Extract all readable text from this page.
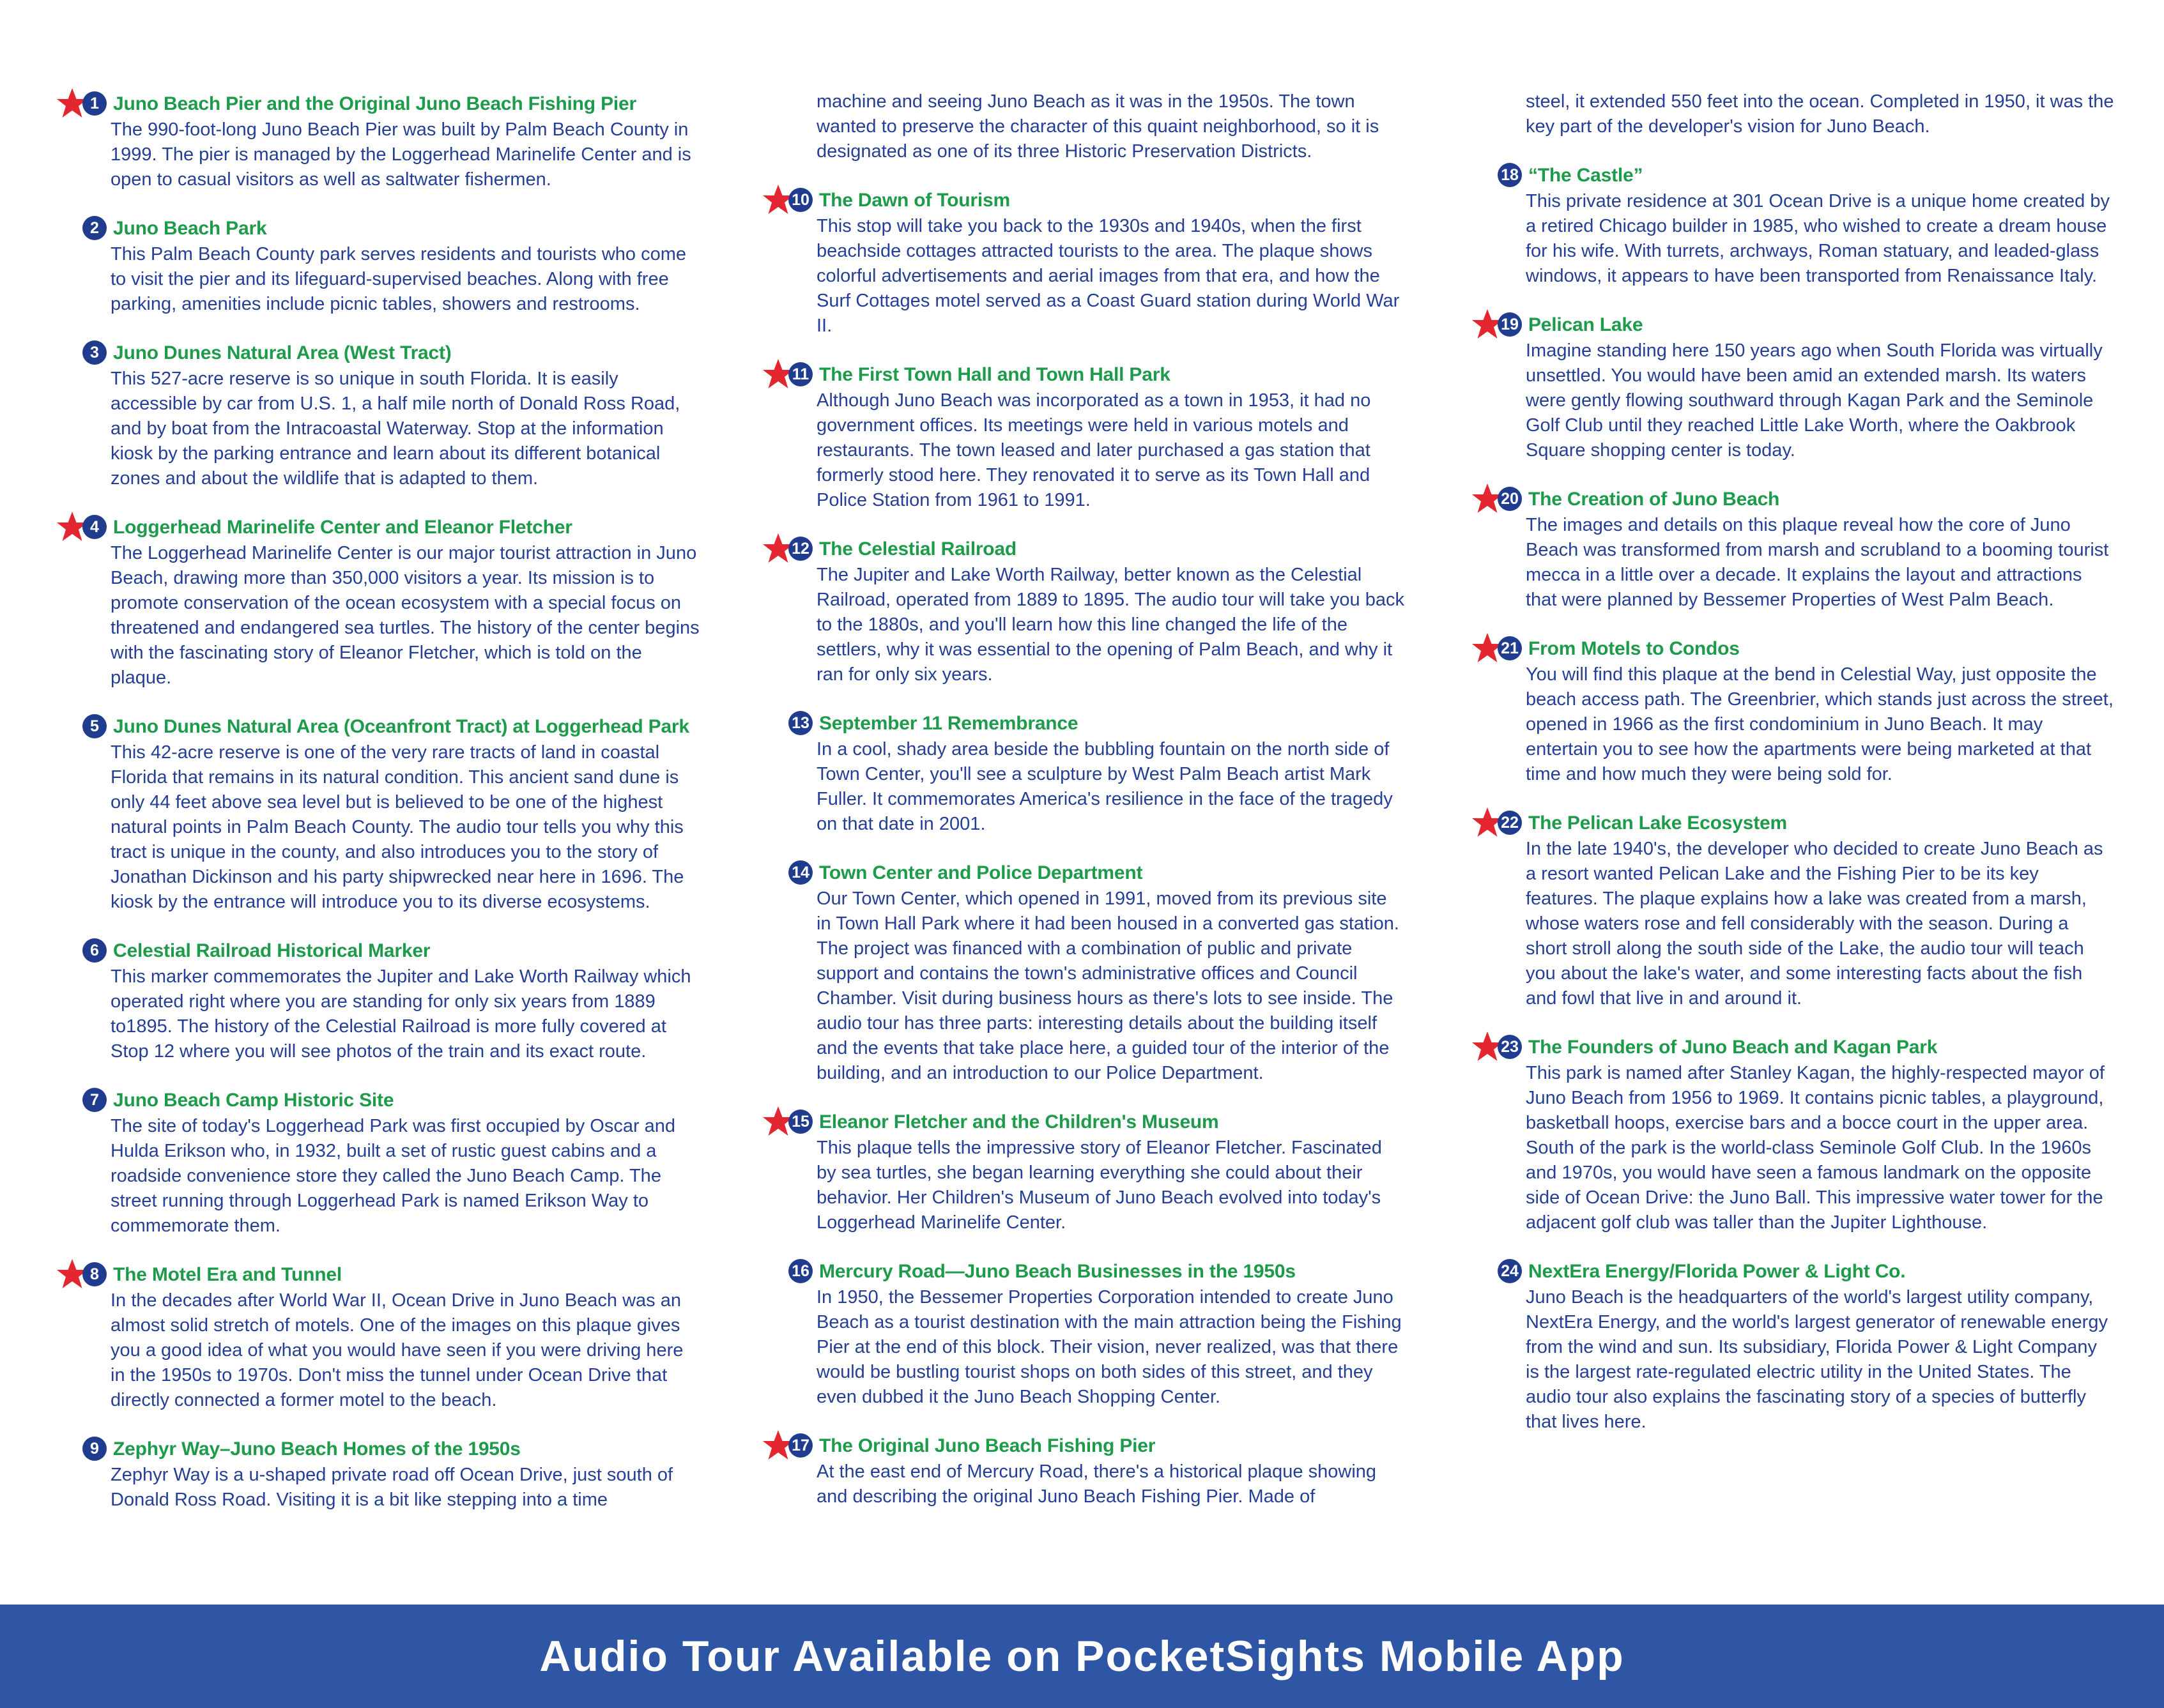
1 Juno Beach Pier and the Original Juno Beach Fishing Pier

The 990-foot-long Juno Beach Pier was built by Palm Beach County in 1999. The pier is managed by the Loggerhead Marinelife Center and is open to casual visitors as well as saltwater fishermen.

2 Juno Beach Park

This Palm Beach County park serves residents and tourists who come to visit the pier and its lifeguard-supervised beaches. Along with free parking, amenities include picnic tables, showers and restrooms.

3 Juno Dunes Natural Area (West Tract)

This 527-acre reserve is so unique in south Florida. It is easily accessible by car from U.S. 1, a half mile north of Donald Ross Road, and by boat from the Intracoastal Waterway. Stop at the information kiosk by the parking entrance and learn about its different botanical zones and about the wildlife that is adapted to them.

4 Loggerhead Marinelife Center and Eleanor Fletcher

The Loggerhead Marinelife Center is our major tourist attraction in Juno Beach, drawing more than 350,000 visitors a year. Its mission is to promote conservation of the ocean ecosystem with a special focus on threatened and endangered sea turtles. The history of the center begins with the fascinating story of Eleanor Fletcher, which is told on the plaque.

5 Juno Dunes Natural Area (Oceanfront Tract) at Loggerhead Park

This 42-acre reserve is one of the very rare tracts of land in coastal Florida that remains in its natural condition. This ancient sand dune is only 44 feet above sea level but is believed to be one of the highest natural points in Palm Beach County. The audio tour tells you why this tract is unique in the county, and also introduces you to the story of Jonathan Dickinson and his party shipwrecked near here in 1696. The kiosk by the entrance will introduce you to its diverse ecosystems.

6 Celestial Railroad Historical Marker

This marker commemorates the Jupiter and Lake Worth Railway which operated right where you are standing for only six years from 1889 to1895. The history of the Celestial Railroad is more fully covered at Stop 12 where you will see photos of the train and its exact route.

7 Juno Beach Camp Historic Site

The site of today's Loggerhead Park was first occupied by Oscar and Hulda Erikson who, in 1932, built a set of rustic guest cabins and a roadside convenience store they called the Juno Beach Camp. The street running through Loggerhead Park is named Erikson Way to commemorate them.

8 The Motel Era and Tunnel

In the decades after World War II, Ocean Drive in Juno Beach was an almost solid stretch of motels. One of the images on this plaque gives you a good idea of what you would have seen if you were driving here in the 1950s to 1970s. Don't miss the tunnel under Ocean Drive that directly connected a former motel to the beach.

9 Zephyr Way–Juno Beach Homes of the 1950s

Zephyr Way is a u-shaped private road off Ocean Drive, just south of Donald Ross Road. Visiting it is a bit like stepping into a time

machine and seeing Juno Beach as it was in the 1950s. The town wanted to preserve the character of this quaint neighborhood, so it is designated as one of its three Historic Preservation Districts.

10 The Dawn of Tourism

This stop will take you back to the 1930s and 1940s, when the first beachside cottages attracted tourists to the area. The plaque shows colorful advertisements and aerial images from that era, and how the Surf Cottages motel served as a Coast Guard station during World War II.

11 The First Town Hall and Town Hall Park

Although Juno Beach was incorporated as a town in 1953, it had no government offices. Its meetings were held in various motels and restaurants. The town leased and later purchased a gas station that formerly stood here. They renovated it to serve as its Town Hall and Police Station from 1961 to 1991.

12 The Celestial Railroad

The Jupiter and Lake Worth Railway, better known as the Celestial Railroad, operated from 1889 to 1895. The audio tour will take you back to the 1880s, and you'll learn how this line changed the life of the settlers, why it was essential to the opening of Palm Beach, and why it ran for only six years.

13 September 11 Remembrance

In a cool, shady area beside the bubbling fountain on the north side of Town Center, you'll see a sculpture by West Palm Beach artist Mark Fuller. It commemorates America's resilience in the face of the tragedy on that date in 2001.

14 Town Center and Police Department

Our Town Center, which opened in 1991, moved from its previous site in Town Hall Park where it had been housed in a converted gas station. The project was financed with a combination of public and private support and contains the town's administrative offices and Council Chamber. Visit during business hours as there's lots to see inside. The audio tour has three parts: interesting details about the building itself and the events that take place here, a guided tour of the interior of the building, and an introduction to our Police Department.

15 Eleanor Fletcher and the Children's Museum

This plaque tells the impressive story of Eleanor Fletcher. Fascinated by sea turtles, she began learning everything she could about their behavior. Her Children's Museum of Juno Beach evolved into today's Loggerhead Marinelife Center.

16 Mercury Road—Juno Beach Businesses in the 1950s

In 1950, the Bessemer Properties Corporation intended to create Juno Beach as a tourist destination with the main attraction being the Fishing Pier at the end of this block. Their vision, never realized, was that there would be bustling tourist shops on both sides of this street, and they even dubbed it the Juno Beach Shopping Center.

17 The Original Juno Beach Fishing Pier

At the east end of Mercury Road, there's a historical plaque showing and describing the original Juno Beach Fishing Pier. Made of

steel, it extended 550 feet into the ocean. Completed in 1950, it was the key part of the developer's vision for Juno Beach.

18 “The Castle”

This private residence at 301 Ocean Drive is a unique home created by a retired Chicago builder in 1985, who wished to create a dream house for his wife. With turrets, archways, Roman statuary, and leaded-glass windows, it appears to have been transported from Renaissance Italy.

19 Pelican Lake

Imagine standing here 150 years ago when South Florida was virtually unsettled. You would have been amid an extended marsh. Its waters were gently flowing southward through Kagan Park and the Seminole Golf Club until they reached Little Lake Worth, where the Oakbrook Square shopping center is today.

20 The Creation of Juno Beach

The images and details on this plaque reveal how the core of Juno Beach was transformed from marsh and scrubland to a booming tourist mecca in a little over a decade. It explains the layout and attractions that were planned by Bessemer Properties of West Palm Beach.

21 From Motels to Condos

You will find this plaque at the bend in Celestial Way, just opposite the beach access path. The Greenbrier, which stands just across the street, opened in 1966 as the first condominium in Juno Beach. It may entertain you to see how the apartments were being marketed at that time and how much they were being sold for.

22 The Pelican Lake Ecosystem

In the late 1940's, the developer who decided to create Juno Beach as a resort wanted Pelican Lake and the Fishing Pier to be its key features. The plaque explains how a lake was created from a marsh, whose waters rose and fell considerably with the season. During a short stroll along the south side of the Lake, the audio tour will teach you about the lake's water, and some interesting facts about the fish and fowl that live in and around it.

23 The Founders of Juno Beach and Kagan Park

This park is named after Stanley Kagan, the highly-respected mayor of Juno Beach from 1956 to 1969. It contains picnic tables, a playground, basketball hoops, exercise bars and a bocce court in the upper area.

South of the park is the world-class Seminole Golf Club. In the 1960s and 1970s, you would have seen a famous landmark on the opposite side of Ocean Drive: the Juno Ball. This impressive water tower for the adjacent golf club was taller than the Jupiter Lighthouse.

24 NextEra Energy/Florida Power & Light Co.

Juno Beach is the headquarters of the world's largest utility company, NextEra Energy, and the world's largest generator of renewable energy from the wind and sun. Its subsidiary, Florida Power & Light Company is the largest rate-regulated electric utility in the United States. The audio tour also explains the fascinating story of a species of butterfly that lives here.

Audio Tour Available on PocketSights Mobile App
